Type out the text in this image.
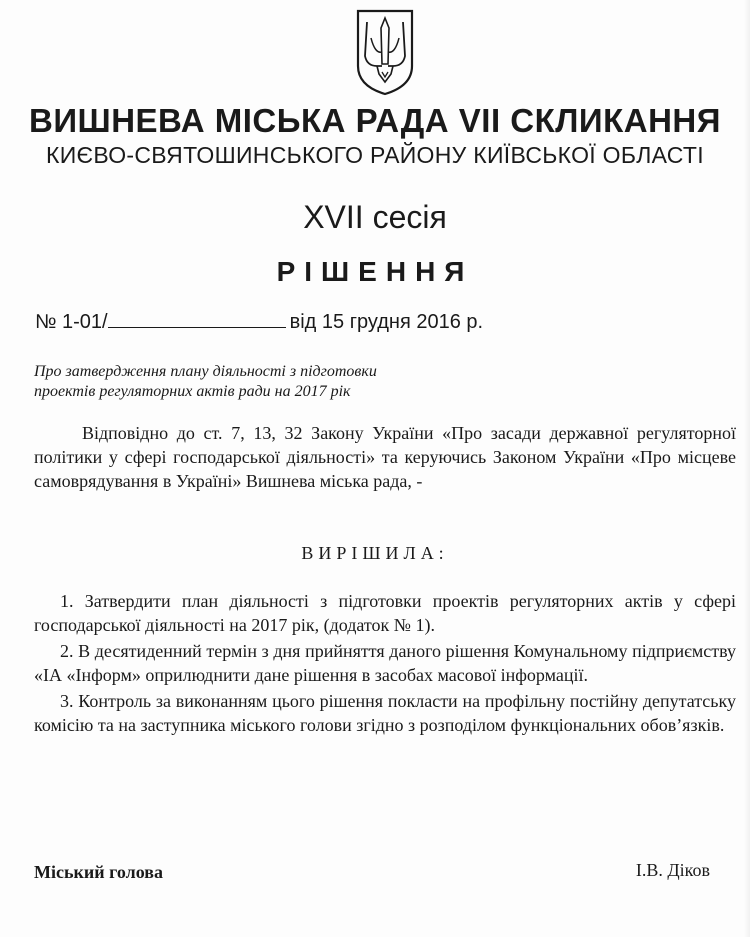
ВИШНЕВА МІСЬКА РАДА VII СКЛИКАННЯ
КИЄВО-СВЯТОШИНСЬКОГО РАЙОНУ КИЇВСЬКОЇ ОБЛАСТІ
XVII сесія
РІШЕННЯ
№ 1-01/	від 15 грудня 2016 р.
Про затвердження плану діяльності з підготовки
проектів регуляторних актів ради на 2017 рік

Відповідно до ст. 7, 13, 32 Закону України «Про засади державної регуляторної політики у сфері господарської діяльності» та керуючись Законом України «Про місцеве самоврядування в Україні» Вишнева міська рада, -

ВИРІШИЛА:

1. Затвердити план діяльності з підготовки проектів регуляторних актів у сфері господарської діяльності на 2017 рік, (додаток № 1).

2. В десятиденний термін з дня прийняття даного рішення Комунальному підприємству «ІА «Інформ» оприлюднити дане рішення в засобах масової інформації.

3. Контроль за виконанням цього рішення покласти на профільну постійну депутатську комісію та на заступника міського голови згідно з розподілом функціональних обов’язків.

Міський голова	І.В. Діков
